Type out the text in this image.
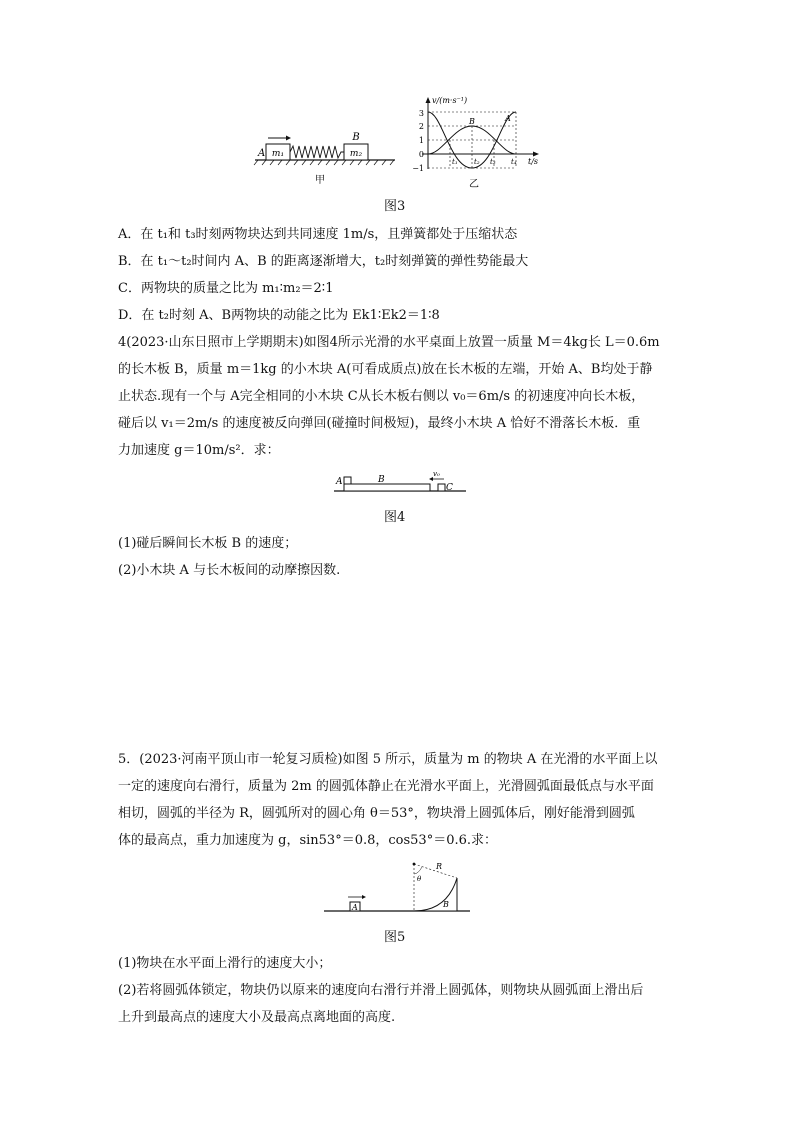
m₁
A	m₂
B
甲
v/(m·s⁻¹)
t/s
3
2
1
0
−1
t₁ t₂ t₃ t₄
B	A
乙
图3
A．在 t₁和 t₃时刻两物块达到共同速度 1m/s，且弹簧都处于压缩状态
B．在 t₁～t₂时间内 A、B 的距离逐渐增大，t₂时刻弹簧的弹性势能最大
C．两物块的质量之比为 m₁∶m₂＝2∶1
D．在 t₂时刻 A、B两物块的动能之比为 Ek1∶Ek2＝1∶8
4(2023·山东日照市上学期期末)如图4所示光滑的水平桌面上放置一质量 M＝4kg长 L＝0.6m
的长木板 B，质量 m＝1kg 的小木块 A(可看成质点)放在长木板的左端，开始 A、B均处于静
止状态.现有一个与 A完全相同的小木块 C从长木板右侧以 v₀＝6m/s 的初速度冲向长木板，
碰后以 v₁＝2m/s 的速度被反向弹回(碰撞时间极短)，最终小木块 A 恰好不滑落长木板．重
力加速度 g＝10m/s²．求：
A	B
C
v₀
图4
(1)碰后瞬间长木板 B 的速度；
(2)小木块 A 与长木板间的动摩擦因数.
5．(2023·河南平顶山市一轮复习质检)如图 5 所示，质量为 m 的物块 A 在光滑的水平面上以
一定的速度向右滑行，质量为 2m 的圆弧体静止在光滑水平面上，光滑圆弧面最低点与水平面
相切，圆弧的半径为 R，圆弧所对的圆心角 θ＝53°，物块滑上圆弧体后，刚好能滑到圆弧
体的最高点，重力加速度为 g，sin53°＝0.8，cos53°＝0.6.求：
A
θ
R
B
图5
(1)物块在水平面上滑行的速度大小；
(2)若将圆弧体锁定，物块仍以原来的速度向右滑行并滑上圆弧体，则物块从圆弧面上滑出后
上升到最高点的速度大小及最高点离地面的高度.
